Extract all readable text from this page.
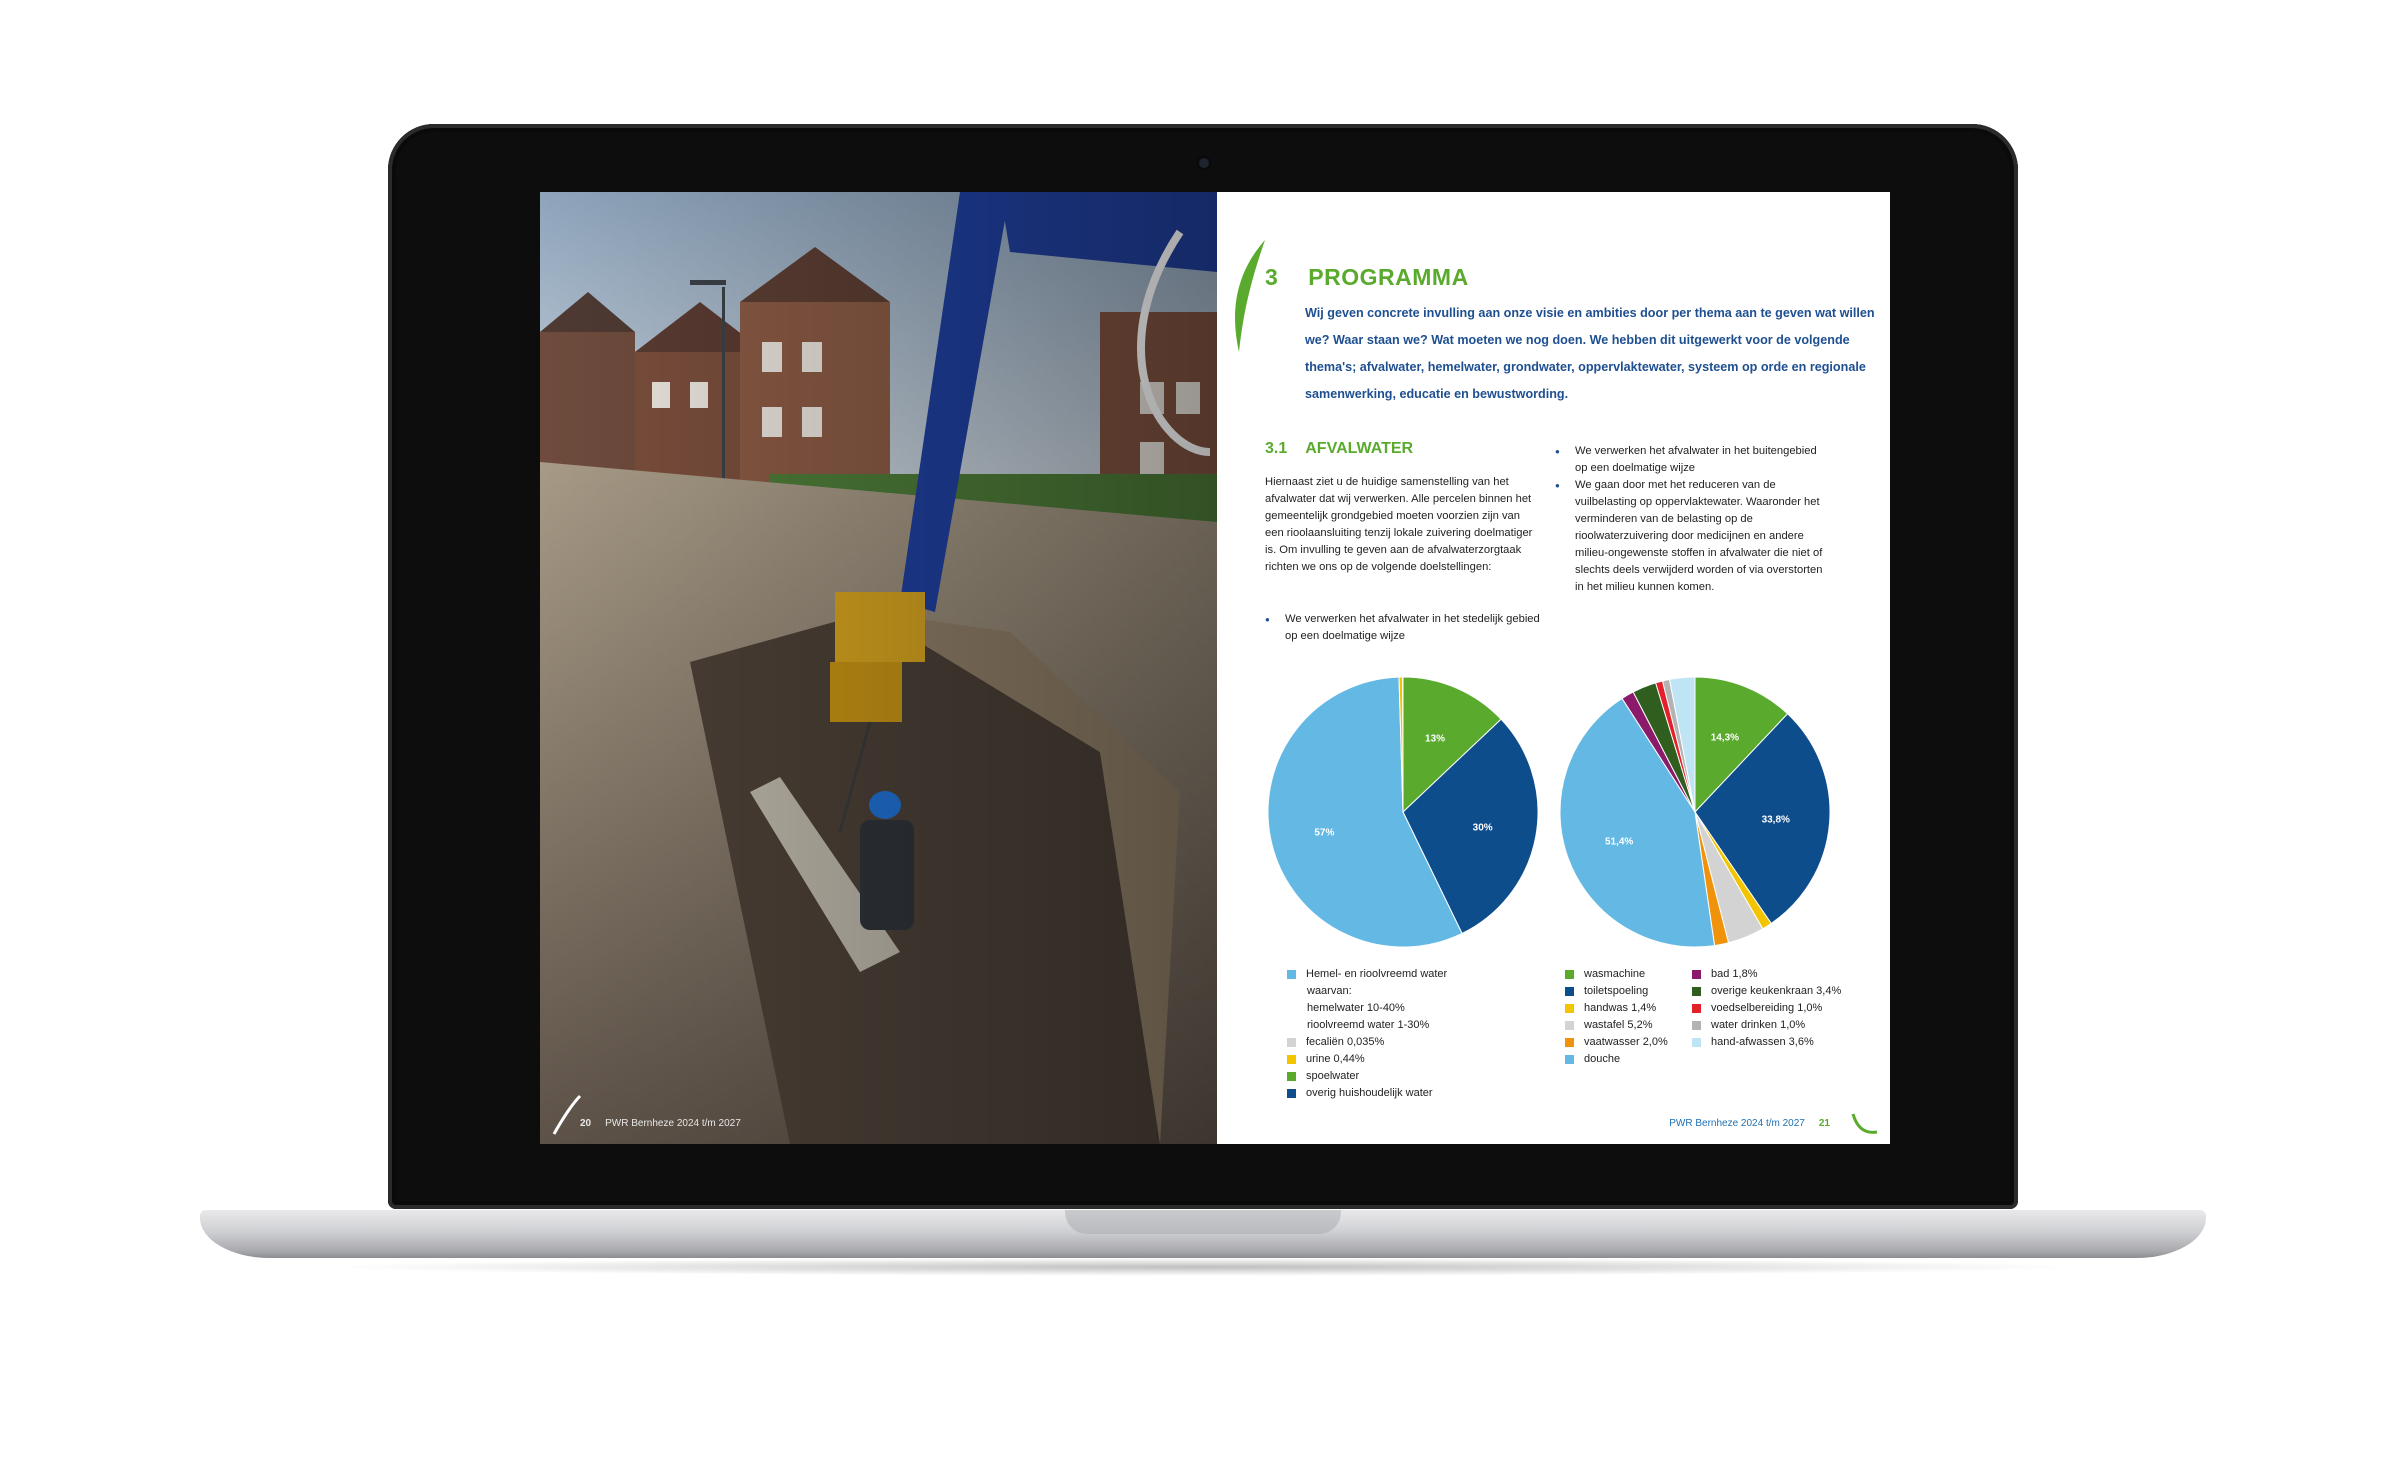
20 PWR Bernheze 2024 t/m 2027
3 PROGRAMMA

Wij geven concrete invulling aan onze visie en ambities door per thema aan te geven wat willen we? Waar staan we? Wat moeten we nog doen. We hebben dit uitgewerkt voor de volgende thema's; afvalwater, hemelwater, grondwater, oppervlaktewater, systeem op orde en regionale samenwerking, educatie en bewustwording.

3.1 AFVALWATER

Hiernaast ziet u de huidige samenstelling van het afvalwater dat wij verwerken. Alle percelen binnen het gemeentelijk grondgebied moeten voorzien zijn van een rioolaansluiting tenzij lokale zuivering doelmatiger is. Om invulling te geven aan de afvalwaterzorgtaak richten we ons op de volgende doelstellingen:

● We verwerken het afvalwater in het stedelijk gebied op een doelmatige wijze
● We verwerken het afvalwater in het buitengebied op een doelmatige wijze
● We gaan door met het reduceren van de vuilbelasting op oppervlaktewater. Waaronder het verminderen van de belasting op de rioolwaterzuivering door medicijnen en andere milieu-ongewenste stoffen in afvalwater die niet of slechts deels verwijderd worden of via overstorten in het milieu kunnen komen.
13%
30%
57%
14,3%
33,8%
51,4%
Hemel- en rioolvreemd water
waarvan:
hemelwater 10-40%
rioolvreemd water 1-30%
fecaliën 0,035%
urine 0,44%
spoelwater
overig huishoudelijk water
wasmachine
toiletspoeling
handwas 1,4%
wastafel 5,2%
vaatwasser 2,0%
douche
bad 1,8%
overige keukenkraan 3,4%
voedselbereiding 1,0%
water drinken 1,0%
hand-afwassen 3,6%
PWR Bernheze 2024 t/m 2027 21
